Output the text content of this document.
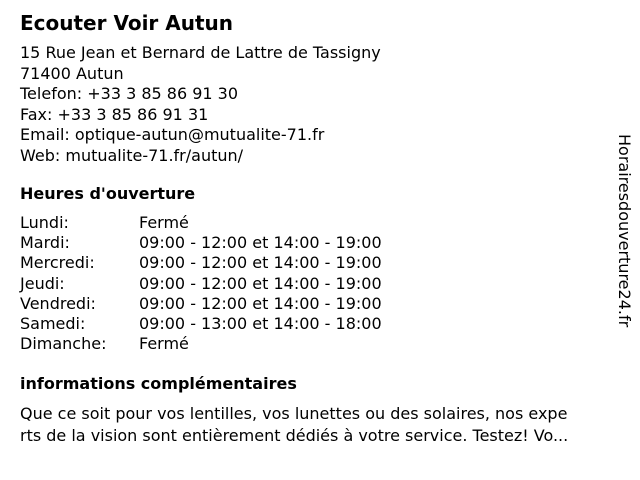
Ecouter Voir Autun
15 Rue Jean et Bernard de Lattre de Tassigny
71400 Autun
Telefon: +33 3 85 86 91 30
Fax: +33 3 85 86 91 31
Email: optique-autun@mutualite-71.fr
Web: mutualite-71.fr/autun/
Heures d'ouverture
Lundi:	Fermé
Mardi:	09:00 - 12:00 et 14:00 - 19:00
Mercredi:	09:00 - 12:00 et 14:00 - 19:00
Jeudi:	09:00 - 12:00 et 14:00 - 19:00
Vendredi:	09:00 - 12:00 et 14:00 - 19:00
Samedi:	09:00 - 13:00 et 14:00 - 18:00
Dimanche: Fermé
informations complémentaires
Que ce soit pour vos lentilles, vos lunettes ou des solaires, nos expe
rts de la vision sont entièrement dédiés à votre service. Testez! Vo...
Horairesdouverture24.fr
